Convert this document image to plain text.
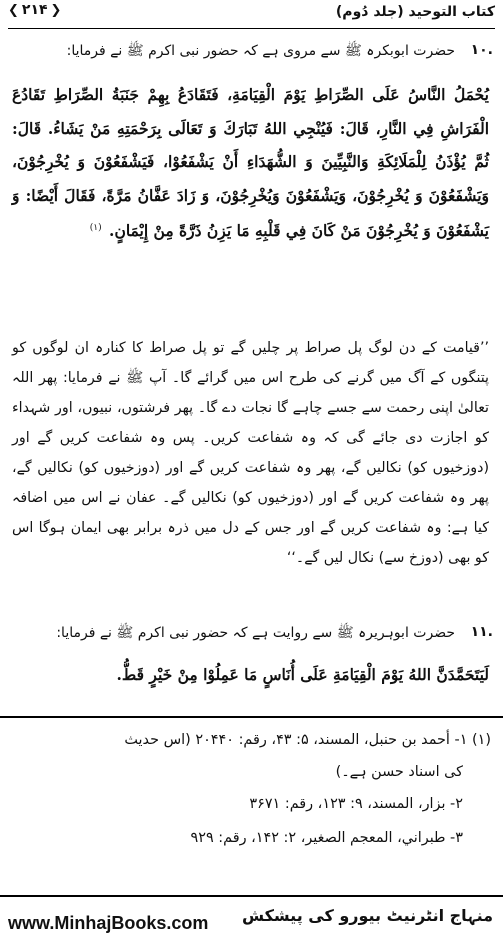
كتاب التوحيد (جلد دُوم)
❮ ۲۱۴ ❯
۱۰.
حضرت ابوبکرہ ﷺ سے مروی ہے کہ حضور نبی اکرم ﷺ نے فرمایا:
يُحْمَلُ النَّاسُ عَلَى الصِّرَاطِ يَوْمَ الْقِيَامَةِ، فَتَقَادَعُ بِهِمْ جَنَبَةُ الصِّرَاطِ تَقَادُعَ الْفَرَاشِ فِي النَّارِ، قَالَ: فَيُنْجِي اللهُ تَبَارَكَ وَ تَعَالَى بِرَحْمَتِهِ مَنْ يَشَاءُ. قَالَ: ثُمَّ يُؤْذَنُ لِلْمَلَائِكَةِ وَالنَّبِيِّينَ وَ الشُّهَدَاءِ أَنْ يَشْفَعُوْا، فَيَشْفَعُوْنَ وَ يُخْرِجُوْنَ، وَيَشْفَعُوْنَ وَ يُخْرِجُوْنَ، وَيَشْفَعُوْنَ وَيُخْرِجُوْنَ، وَ زَادَ عَفَّانُ مَرَّةً، فَقَالَ أَيْضًا: وَ يَشْفَعُوْنَ وَ يُخْرِجُوْنَ مَنْ كَانَ فِي قَلْبِهِ مَا يَزِنُ ذَرَّةً مِنْ إِيْمَانٍ. $^{(۱)}$
’’قیامت کے دن لوگ پل صراط پر چلیں گے تو پل صراط کا کنارہ ان لوگوں کو پتنگوں کے آگ میں گرنے کی طرح اس میں گرائے گا۔ آپ ﷺ نے فرمایا: پھر اللہ تعالیٰ اپنی رحمت سے جسے چاہے گا نجات دے گا۔ پھر فرشتوں، نبیوں، اور شہداء کو اجازت دی جائے گی کہ وہ شفاعت کریں۔ پس وہ شفاعت کریں گے اور (دوزخیوں کو) نکالیں گے، پھر وہ شفاعت کریں گے اور (دوزخیوں کو) نکالیں گے، پھر وہ شفاعت کریں گے اور (دوزخیوں کو) نکالیں گے۔ عفان نے اس میں اضافہ کیا ہے: وہ شفاعت کریں گے اور جس کے دل میں ذرہ برابر بھی ایمان ہوگا اس کو بھی (دوزخ سے) نکال لیں گے۔‘‘
۱۱.
حضرت ابوہریرہ ﷺ سے روایت ہے کہ حضور نبی اکرم ﷺ نے فرمایا:
لَيَتَحَمَّدَنَّ اللهُ يَوْمَ الْقِيَامَةِ عَلَى أُنَاسٍ مَا عَمِلُوْا مِنْ خَيْرٍ قَطُّ.
(۱) ۱- أحمد بن حنبل، المسند، ۵: ۴۳، رقم: ۲۰۴۴۰ (اس حدیث
کی اسناد حسن ہے۔)
۲- بزار، المسند، ۹: ۱۲۳، رقم: ۳۶۷۱
۳- طبراني، المعجم الصغیر، ۲: ۱۴۲، رقم: ۹۲۹
www.MinhajBooks.com منہاج انٹرنیٹ بیورو کی پیشکش
